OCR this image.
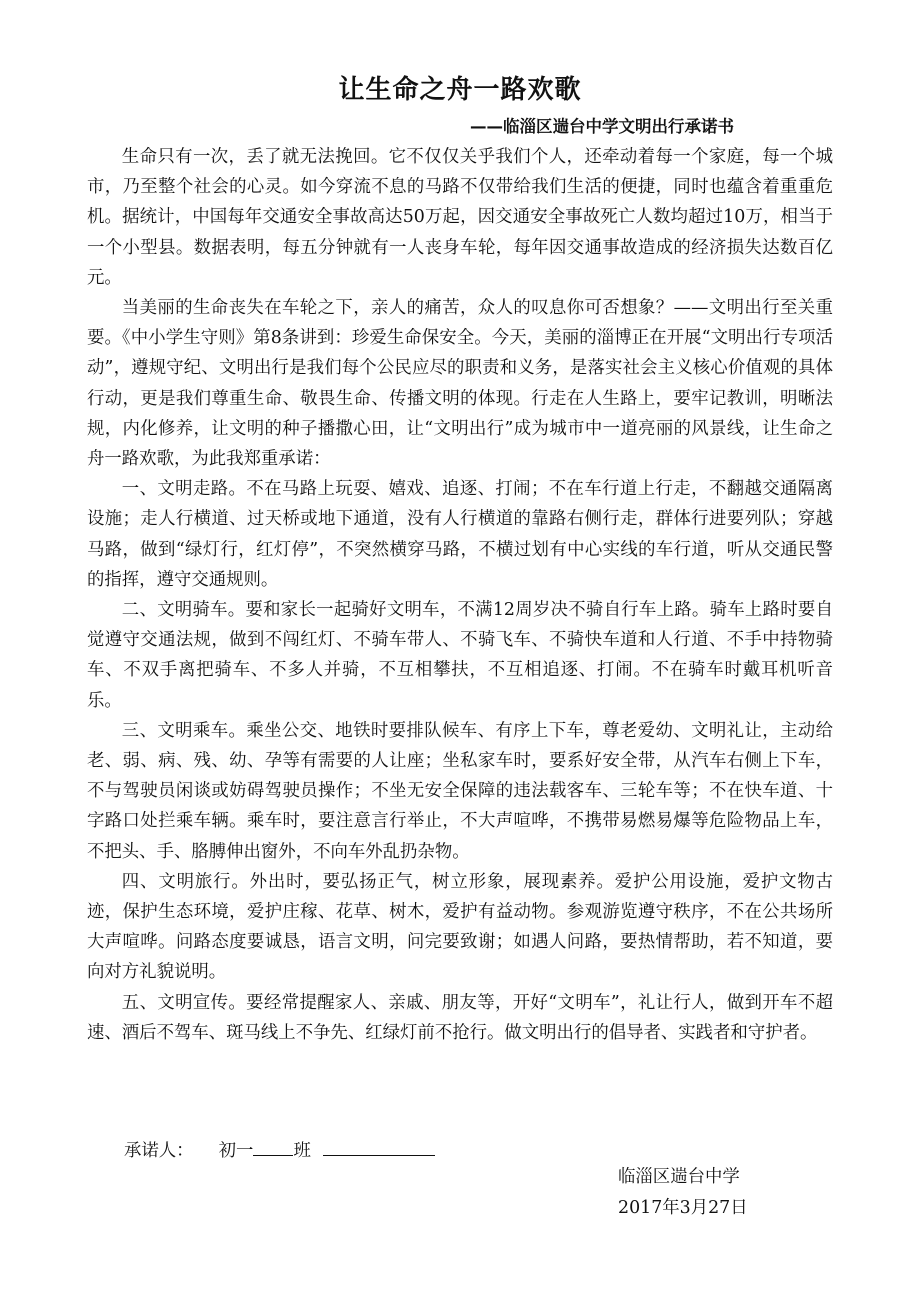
让生命之舟一路欢歌
——临淄区遄台中学文明出行承诺书

生命只有一次，丢了就无法挽回。它不仅仅关乎我们个人，还牵动着每一个家庭，每一个城市，乃至整个社会的心灵。如今穿流不息的马路不仅带给我们生活的便捷，同时也蕴含着重重危机。据统计，中国每年交通安全事故高达50万起，因交通安全事故死亡人数均超过10万，相当于一个小型县。数据表明，每五分钟就有一人丧身车轮，每年因交通事故造成的经济损失达数百亿元。

当美丽的生命丧失在车轮之下，亲人的痛苦，众人的叹息你可否想象？——文明出行至关重要。《中小学生守则》第8条讲到：珍爱生命保安全。今天，美丽的淄博正在开展“文明出行专项活动”，遵规守纪、文明出行是我们每个公民应尽的职责和义务，是落实社会主义核心价值观的具体行动，更是我们尊重生命、敬畏生命、传播文明的体现。行走在人生路上，要牢记教训，明晰法规，内化修养，让文明的种子播撒心田，让“文明出行”成为城市中一道亮丽的风景线，让生命之舟一路欢歌，为此我郑重承诺：

一、文明走路。不在马路上玩耍、嬉戏、追逐、打闹；不在车行道上行走，不翻越交通隔离设施；走人行横道、过天桥或地下通道，没有人行横道的靠路右侧行走，群体行进要列队；穿越马路，做到“绿灯行，红灯停”，不突然横穿马路，不横过划有中心实线的车行道，听从交通民警的指挥，遵守交通规则。

二、文明骑车。要和家长一起骑好文明车，不满12周岁决不骑自行车上路。骑车上路时要自觉遵守交通法规，做到不闯红灯、不骑车带人、不骑飞车、不骑快车道和人行道、不手中持物骑车、不双手离把骑车、不多人并骑，不互相攀扶，不互相追逐、打闹。不在骑车时戴耳机听音乐。

三、文明乘车。乘坐公交、地铁时要排队候车、有序上下车，尊老爱幼、文明礼让，主动给老、弱、病、残、幼、孕等有需要的人让座；坐私家车时，要系好安全带，从汽车右侧上下车，不与驾驶员闲谈或妨碍驾驶员操作；不坐无安全保障的违法载客车、三轮车等；不在快车道、十字路口处拦乘车辆。乘车时，要注意言行举止，不大声喧哗，不携带易燃易爆等危险物品上车，不把头、手、胳膊伸出窗外，不向车外乱扔杂物。

四、文明旅行。外出时，要弘扬正气，树立形象，展现素养。爱护公用设施，爱护文物古迹，保护生态环境，爱护庄稼、花草、树木，爱护有益动物。参观游览遵守秩序，不在公共场所大声喧哗。问路态度要诚恳，语言文明，问完要致谢；如遇人问路，要热情帮助，若不知道，要向对方礼貌说明。

五、文明宣传。要经常提醒家人、亲戚、朋友等，开好“文明车”，礼让行人，做到开车不超速、酒后不驾车、斑马线上不争先、红绿灯前不抢行。做文明出行的倡导者、实践者和守护者。

承诺人： 初一 班
临淄区遄台中学
2017年3月27日
